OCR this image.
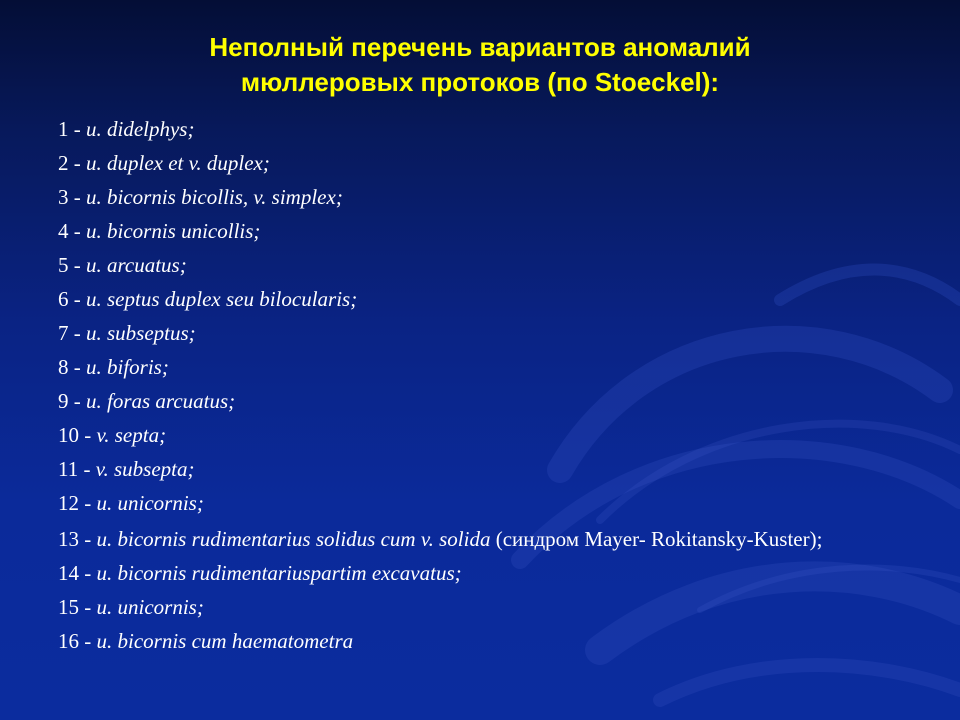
Неполный перечень вариантов аномалий
мюллеровых протоков (по Stoeckel):
1 - u. didelphys;
2 - u. duplex et v. duplex;
3 - u. bicornis bicollis, v. simplex;
4 - u. bicornis unicollis;
5 - u. arcuatus;
6 - u. septus duplex seu bilocularis;
7 - u. subseptus;
8 - u. biforis;
9 - u. foras arcuatus;
10 - v. septa;
11 - v. subsepta;
12 - u. unicornis;
13 - u. bicornis rudimentarius solidus cum v. solida (синдром Mayer- Rokitansky-Kuster);
14 - u. bicornis rudimentariuspartim excavatus;
15 - u. unicornis;
16 - u. bicornis cum haematometra
